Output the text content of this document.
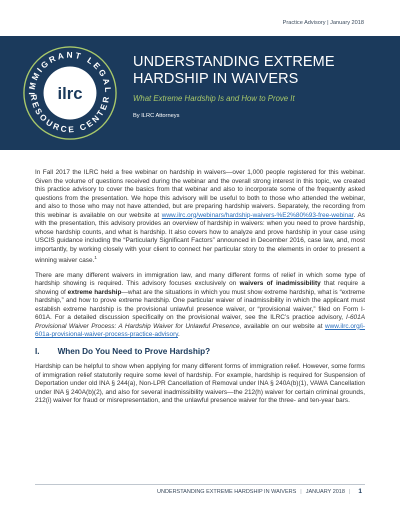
Practice Advisory | January 2018
IMMIGRANT LEGAL
RESOURCE CENTER
ilrc
UNDERSTANDING EXTREME HARDSHIP IN WAIVERS
What Extreme Hardship Is and How to Prove It
By ILRC Attorneys

In Fall 2017 the ILRC held a free webinar on hardship in waivers—over 1,000 people registered for this webinar. Given the volume of questions received during the webinar and the overall strong interest in this topic, we created this practice advisory to cover the basics from that webinar and also to incorporate some of the frequently asked questions from the presentation. We hope this advisory will be useful to both to those who attended the webinar, and also to those who may not have attended, but are preparing hardship waivers. Separately, the recording from this webinar is available on our website at www.ilrc.org/webinars/hardship-waivers-%E2%80%93-free-webinar. As with the presentation, this advisory provides an overview of hardship in waivers: when you need to prove hardship, whose hardship counts, and what is hardship. It also covers how to analyze and prove hardship in your case using USCIS guidance including the “Particularly Significant Factors” announced in December 2016, case law, and, most importantly, by working closely with your client to connect her particular story to the elements in order to present a winning waiver case.$^1$

There are many different waivers in immigration law, and many different forms of relief in which some type of hardship showing is required. This advisory focuses exclusively on waivers of inadmissibility that require a showing of extreme hardship—what are the situations in which you must show extreme hardship, what is “extreme hardship,” and how to prove extreme hardship. One particular waiver of inadmissibility in which the applicant must establish extreme hardship is the provisional unlawful presence waiver, or “provisional waiver,” filed on Form I-601A. For a detailed discussion specifically on the provisional waiver, see the ILRC’s practice advisory, I-601A Provisional Waiver Process: A Hardship Waiver for Unlawful Presence, available on our website at www.ilrc.org/i-601a-provisional-waiver-process-practice-advisory.

I. When Do You Need to Prove Hardship?

Hardship can be helpful to show when applying for many different forms of immigration relief. However, some forms of immigration relief statutorily require some level of hardship. For example, hardship is required for Suspension of Deportation under old INA § 244(a), Non-LPR Cancellation of Removal under INA § 240A(b)(1), VAWA Cancellation under INA § 240A(b)(2), and also for several inadmissibility waivers—the 212(h) waiver for certain criminal grounds, 212(i) waiver for fraud or misrepresentation, and the unlawful presence waiver for the three- and ten-year bars.

UNDERSTANDING EXTREME HARDSHIP IN WAIVERS | JANUARY 2018 | 1
